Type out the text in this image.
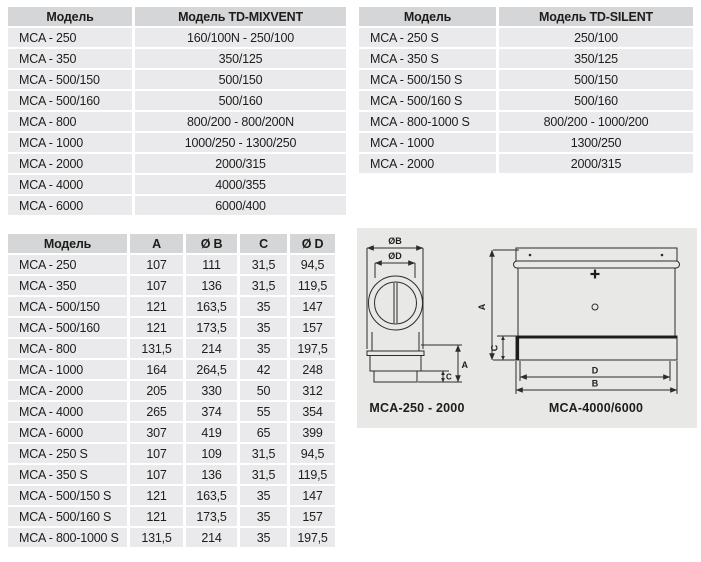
Модель	Модель TD-MIXVENT
MCA - 250	160/100N - 250/100
MCA - 350	350/125
MCA - 500/150	500/150
MCA - 500/160	500/160
MCA - 800	800/200 - 800/200N
MCA - 1000	1000/250 - 1300/250
MCA - 2000	2000/315
MCA - 4000	4000/355
MCA - 6000	6000/400
Модель	Модель TD-SILENT
MCA - 250 S	250/100
MCA - 350 S	350/125
MCA - 500/150 S	500/150
MCA - 500/160 S	500/160
MCA - 800-1000 S	800/200 - 1000/200
MCA - 1000	1300/250
MCA - 2000	2000/315
Модель	A	Ø B	C	Ø D
MCA - 250	107	111	31,5	94,5
MCA - 350	107	136	31,5	119,5
MCA - 500/150	121	163,5	35	147
MCA - 500/160	121	173,5	35	157
MCA - 800	131,5	214	35	197,5
MCA - 1000	164	264,5	42	248
MCA - 2000	205	330	50	312
MCA - 4000	265	374	55	354
MCA - 6000	307	419	65	399
MCA - 250 S	107	109	31,5	94,5
MCA - 350 S	107	136	31,5	119,5
MCA - 500/150 S	121	163,5	35	147
MCA - 500/160 S	121	173,5	35	157
MCA - 800-1000 S	131,5	214	35	197,5
ØB
ØD
A
C
MCA-250 - 2000
A
C
D
B
MCA-4000/6000
